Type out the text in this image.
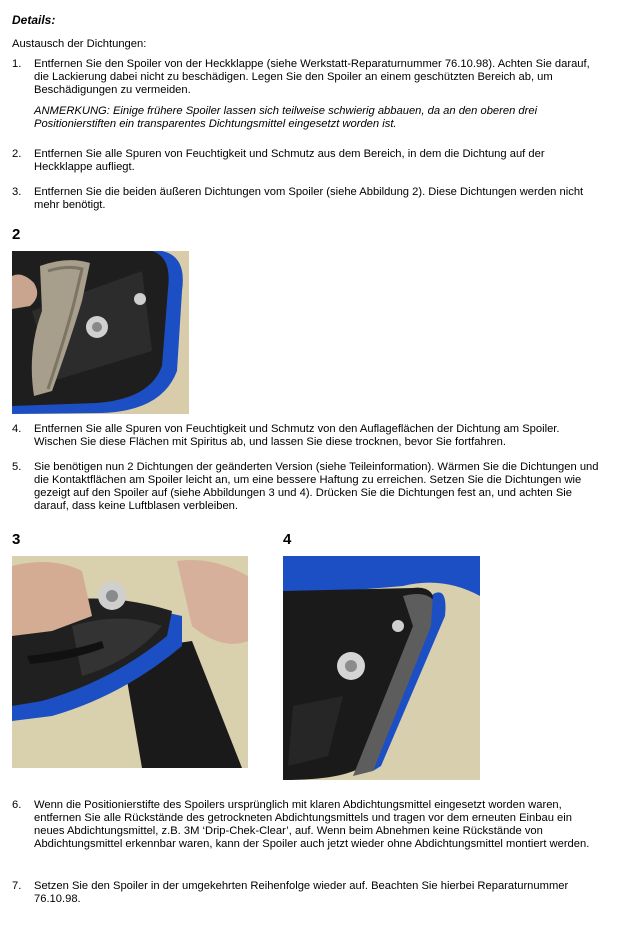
Details:
Austausch der Dichtungen:
1. Entfernen Sie den Spoiler von der Heckklappe (siehe Werkstatt-Reparaturnummer 76.10.98). Achten Sie darauf, die Lackierung dabei nicht zu beschädigen. Legen Sie den Spoiler an einem geschützten Bereich ab, um Beschädigungen zu vermeiden.
ANMERKUNG: Einige frühere Spoiler lassen sich teilweise schwierig abbauen, da an den oberen drei Positionierstiften ein transparentes Dichtungsmittel eingesetzt worden ist.
2. Entfernen Sie alle Spuren von Feuchtigkeit und Schmutz aus dem Bereich, in dem die Dichtung auf der Heckklappe aufliegt.
3. Entfernen Sie die beiden äußeren Dichtungen vom Spoiler (siehe Abbildung 2). Diese Dichtungen werden nicht mehr benötigt.
2
4. Entfernen Sie alle Spuren von Feuchtigkeit und Schmutz von den Auflageflächen der Dichtung am Spoiler. Wischen Sie diese Flächen mit Spiritus ab, und lassen Sie diese trocknen, bevor Sie fortfahren.
5. Sie benötigen nun 2 Dichtungen der geänderten Version (siehe Teileinformation). Wärmen Sie die Dichtungen und die Kontaktflächen am Spoiler leicht an, um eine bessere Haftung zu erreichen. Setzen Sie die Dichtungen wie gezeigt auf den Spoiler auf (siehe Abbildungen 3 und 4). Drücken Sie die Dichtungen fest an, und achten Sie darauf, dass keine Luftblasen verbleiben.
3	4
6. Wenn die Positionierstifte des Spoilers ursprünglich mit klaren Abdichtungsmittel eingesetzt worden waren, entfernen Sie alle Rückstände des getrockneten Abdichtungsmittels und tragen vor dem erneuten Einbau ein neues Abdichtungsmittel, z.B. 3M ‘Drip-Chek-Clear’, auf. Wenn beim Abnehmen keine Rückstände von Abdichtungsmittel erkennbar waren, kann der Spoiler auch jetzt wieder ohne Abdichtungsmittel montiert werden.
7. Setzen Sie den Spoiler in der umgekehrten Reihenfolge wieder auf. Beachten Sie hierbei Reparaturnummer 76.10.98.
